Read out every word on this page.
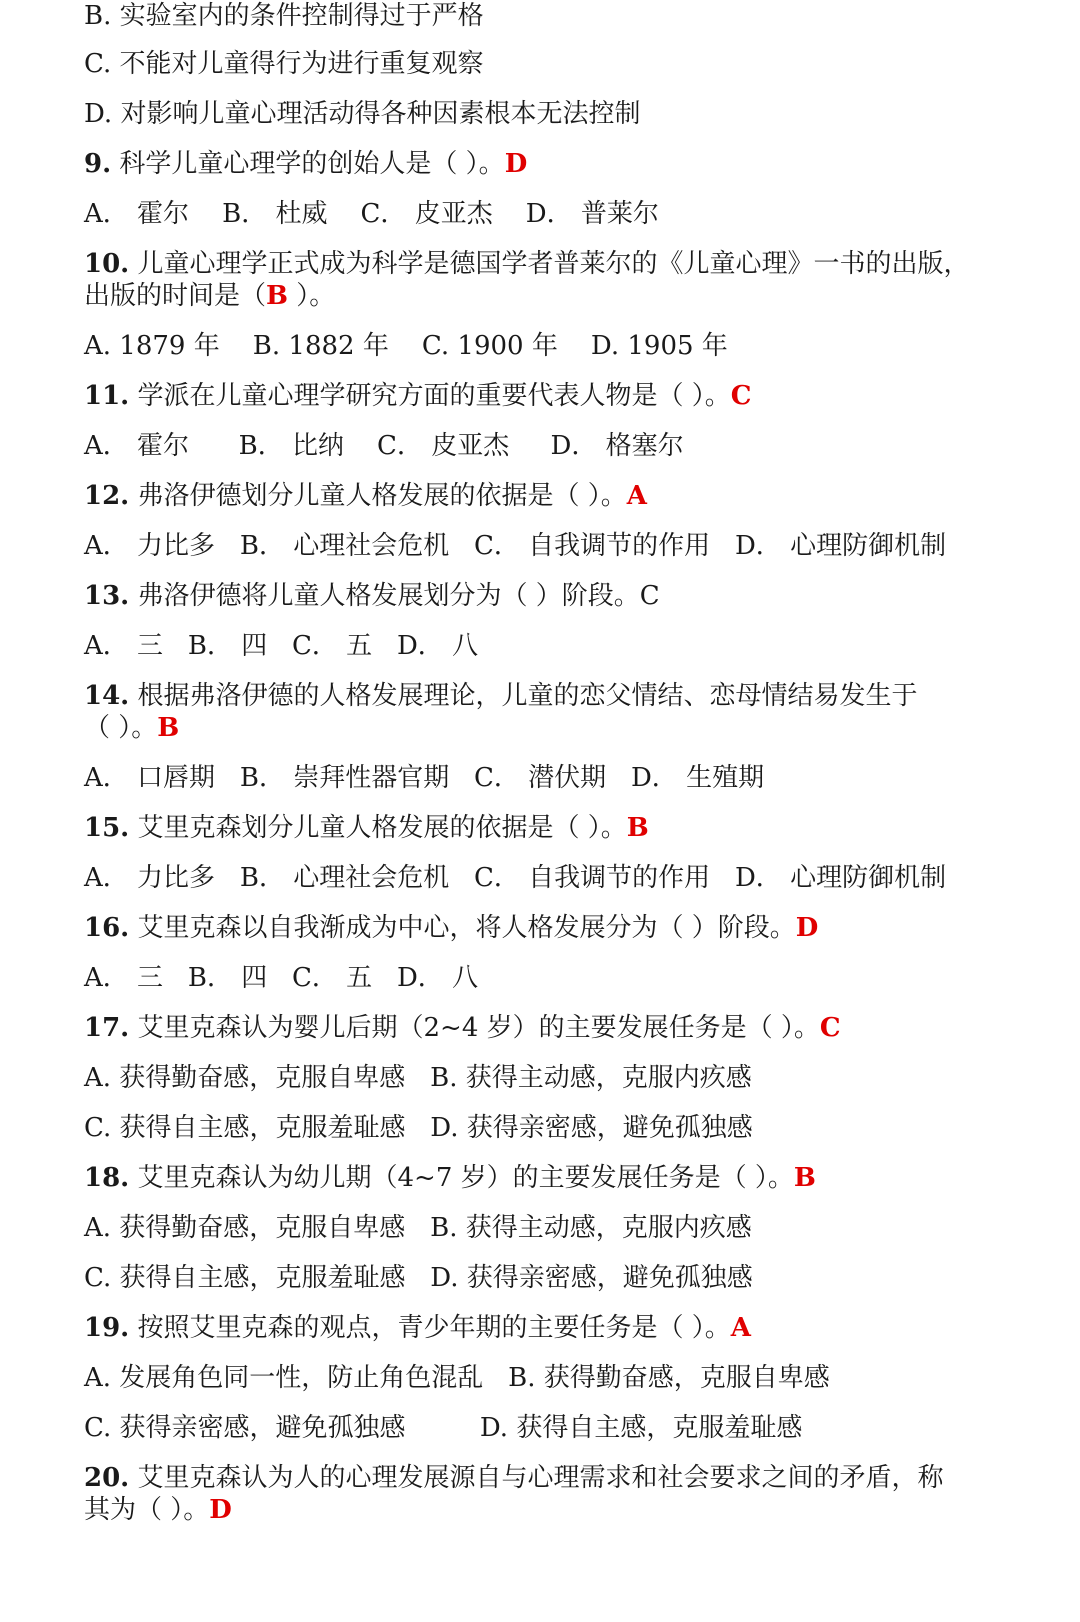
B. 实验室内的条件控制得过于严格
C. 不能对儿童得行为进行重复观察
D. 对影响儿童心理活动得各种因素根本无法控制
9. 科学儿童心理学的创始人是（ ）。D
A． 霍尔    B． 杜威    C． 皮亚杰    D． 普莱尔
10. 儿童心理学正式成为科学是德国学者普莱尔的《儿童心理》一书的出版，
出版的时间是（B ）。
A. 1879 年    B. 1882 年    C. 1900 年    D. 1905 年
11. 学派在儿童心理学研究方面的重要代表人物是（ ）。C
A． 霍尔      B． 比纳    C． 皮亚杰     D． 格塞尔
12. 弗洛伊德划分儿童人格发展的依据是（ ）。A
A． 力比多   B． 心理社会危机   C． 自我调节的作用   D． 心理防御机制
13. 弗洛伊德将儿童人格发展划分为（ ）阶段。C
A． 三   B． 四   C． 五   D． 八
14. 根据弗洛伊德的人格发展理论，儿童的恋父情结、恋母情结易发生于
（ ）。B
A． 口唇期   B． 崇拜性器官期   C． 潜伏期   D． 生殖期
15. 艾里克森划分儿童人格发展的依据是（ ）。B
A． 力比多   B． 心理社会危机   C． 自我调节的作用   D． 心理防御机制
16. 艾里克森以自我渐成为中心，将人格发展分为（ ）阶段。D
A． 三   B． 四   C． 五   D． 八
17. 艾里克森认为婴儿后期（2~4 岁）的主要发展任务是（ ）。C
A. 获得勤奋感，克服自卑感   B. 获得主动感，克服内疚感
C. 获得自主感，克服羞耻感   D. 获得亲密感，避免孤独感
18. 艾里克森认为幼儿期（4~7 岁）的主要发展任务是（ ）。B
A. 获得勤奋感，克服自卑感   B. 获得主动感，克服内疚感
C. 获得自主感，克服羞耻感   D. 获得亲密感，避免孤独感
19. 按照艾里克森的观点，青少年期的主要任务是（ ）。A
A. 发展角色同一性，防止角色混乱   B. 获得勤奋感，克服自卑感
C. 获得亲密感，避免孤独感         D. 获得自主感，克服羞耻感
20. 艾里克森认为人的心理发展源自与心理需求和社会要求之间的矛盾，称
其为（ ）。D
